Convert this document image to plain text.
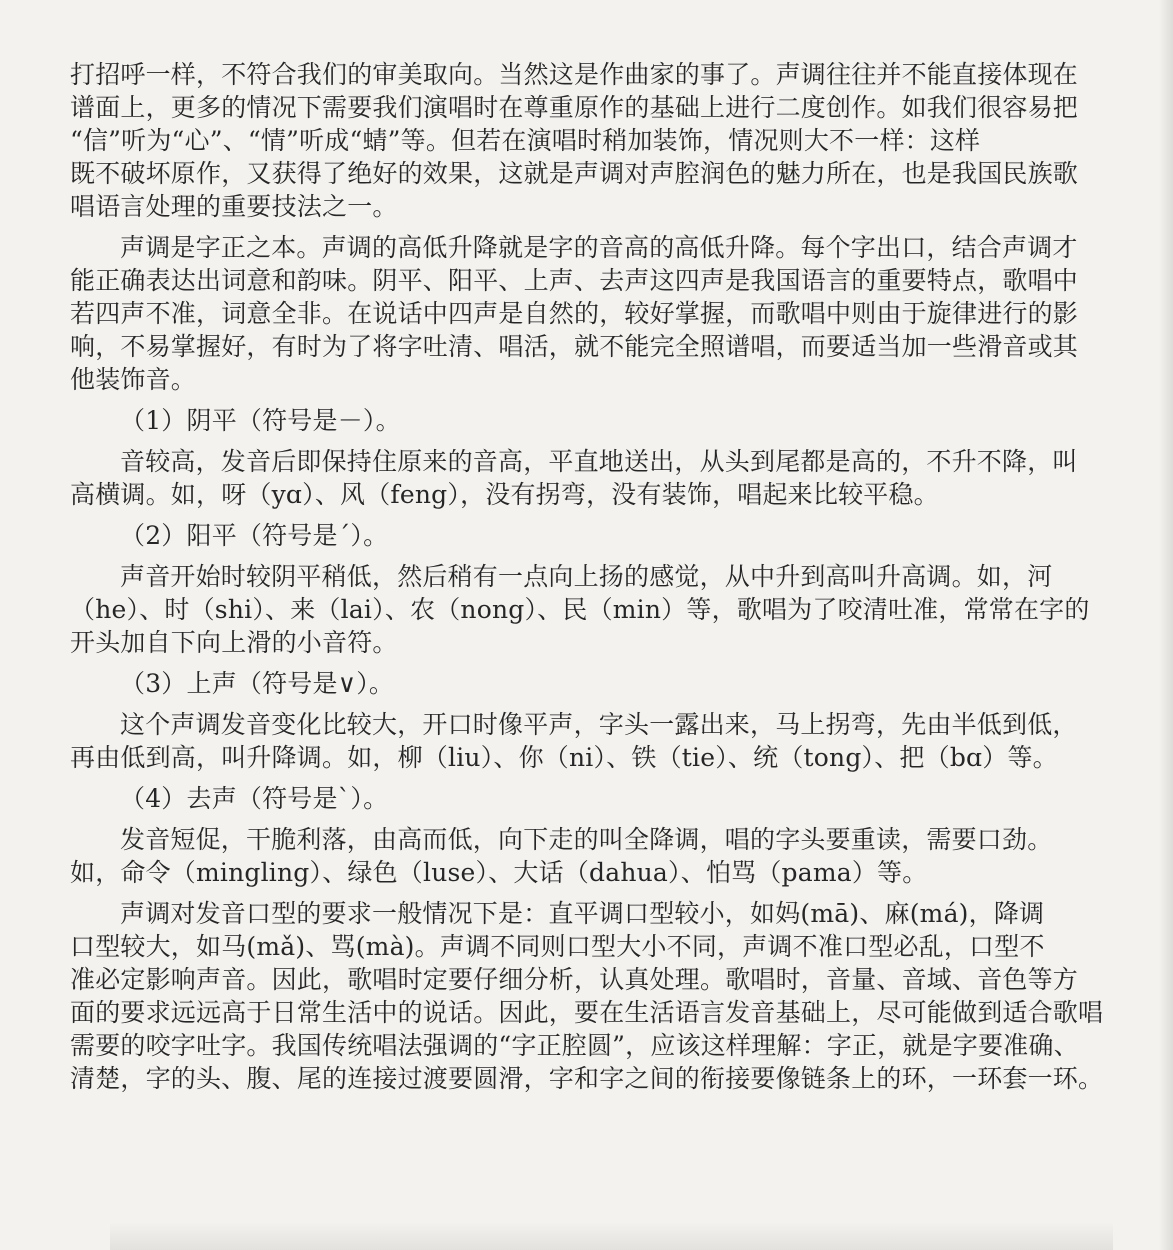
打招呼一样，不符合我们的审美取向。当然这是作曲家的事了。声调往往并不能直接体现在
谱面上，更多的情况下需要我们演唱时在尊重原作的基础上进行二度创作。如我们很容易把
“信”听为“心”、“情”听成“蜻”等。但若在演唱时稍加装饰，情况则大不一样：这样
既不破坏原作，又获得了绝好的效果，这就是声调对声腔润色的魅力所在，也是我国民族歌
唱语言处理的重要技法之一。
声调是字正之本。声调的高低升降就是字的音高的高低升降。每个字出口，结合声调才
能正确表达出词意和韵味。阴平、阳平、上声、去声这四声是我国语言的重要特点，歌唱中
若四声不准，词意全非。在说话中四声是自然的，较好掌握，而歌唱中则由于旋律进行的影
响，不易掌握好，有时为了将字吐清、唱活，就不能完全照谱唱，而要适当加一些滑音或其
他装饰音。
（1）阴平（符号是－）。
音较高，发音后即保持住原来的音高，平直地送出，从头到尾都是高的，不升不降，叫
高横调。如，呀（yɑ）、风（feng），没有拐弯，没有装饰，唱起来比较平稳。
（2）阳平（符号是ˊ）。
声音开始时较阴平稍低，然后稍有一点向上扬的感觉，从中升到高叫升高调。如，河
（he）、时（shi）、来（lai）、农（nong）、民（min）等，歌唱为了咬清吐准，常常在字的
开头加自下向上滑的小音符。
（3）上声（符号是∨）。
这个声调发音变化比较大，开口时像平声，字头一露出来，马上拐弯，先由半低到低，
再由低到高，叫升降调。如，柳（liu）、你（ni）、铁（tie）、统（tong）、把（bɑ）等。
（4）去声（符号是ˋ）。
发音短促，干脆利落，由高而低，向下走的叫全降调，唱的字头要重读，需要口劲。
如，命令（mingling）、绿色（luse）、大话（dahua）、怕骂（pama）等。
声调对发音口型的要求一般情况下是：直平调口型较小，如妈(mā)、麻(má)，降调
口型较大，如马(mǎ)、骂(mà)。声调不同则口型大小不同，声调不准口型必乱，口型不
准必定影响声音。因此，歌唱时定要仔细分析，认真处理。歌唱时，音量、音域、音色等方
面的要求远远高于日常生活中的说话。因此，要在生活语言发音基础上，尽可能做到适合歌唱
需要的咬字吐字。我国传统唱法强调的“字正腔圆”，应该这样理解：字正，就是字要准确、
清楚，字的头、腹、尾的连接过渡要圆滑，字和字之间的衔接要像链条上的环，一环套一环。
